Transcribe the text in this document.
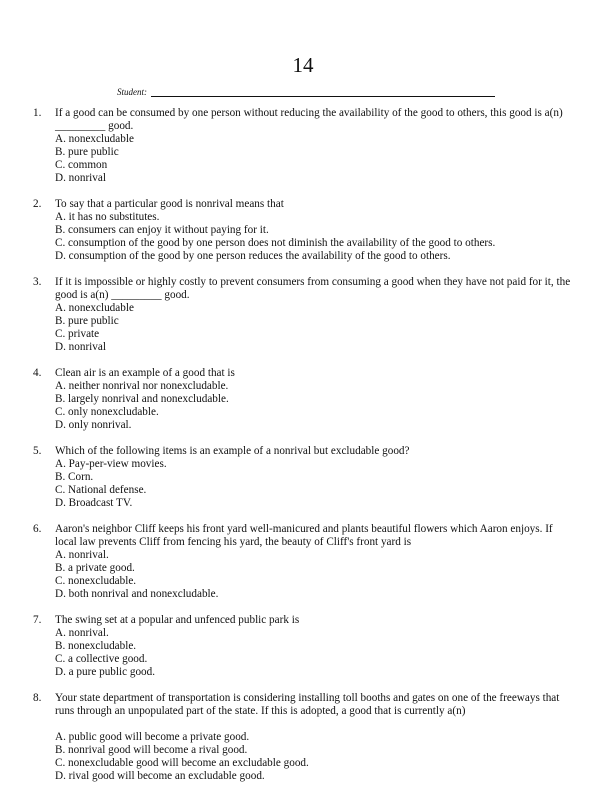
14
Student:
1. If a good can be consumed by one person without reducing the availability of the good to others, this good is a(n) _________ good.
A. nonexcludable
B. pure public
C. common
D. nonrival
2. To say that a particular good is nonrival means that
A. it has no substitutes.
B. consumers can enjoy it without paying for it.
C. consumption of the good by one person does not diminish the availability of the good to others.
D. consumption of the good by one person reduces the availability of the good to others.
3. If it is impossible or highly costly to prevent consumers from consuming a good when they have not paid for it, the good is a(n) _________ good.
A. nonexcludable
B. pure public
C. private
D. nonrival
4. Clean air is an example of a good that is
A. neither nonrival nor nonexcludable.
B. largely nonrival and nonexcludable.
C. only nonexcludable.
D. only nonrival.
5. Which of the following items is an example of a nonrival but excludable good?
A. Pay-per-view movies.
B. Corn.
C. National defense.
D. Broadcast TV.
6. Aaron's neighbor Cliff keeps his front yard well-manicured and plants beautiful flowers which Aaron enjoys. If local law prevents Cliff from fencing his yard, the beauty of Cliff's front yard is
A. nonrival.
B. a private good.
C. nonexcludable.
D. both nonrival and nonexcludable.
7. The swing set at a popular and unfenced public park is
A. nonrival.
B. nonexcludable.
C. a collective good.
D. a pure public good.
8. Your state department of transportation is considering installing toll booths and gates on one of the freeways that runs through an unpopulated part of the state. If this is adopted, a good that is currently a(n)
A. public good will become a private good.
B. nonrival good will become a rival good.
C. nonexcludable good will become an excludable good.
D. rival good will become an excludable good.
